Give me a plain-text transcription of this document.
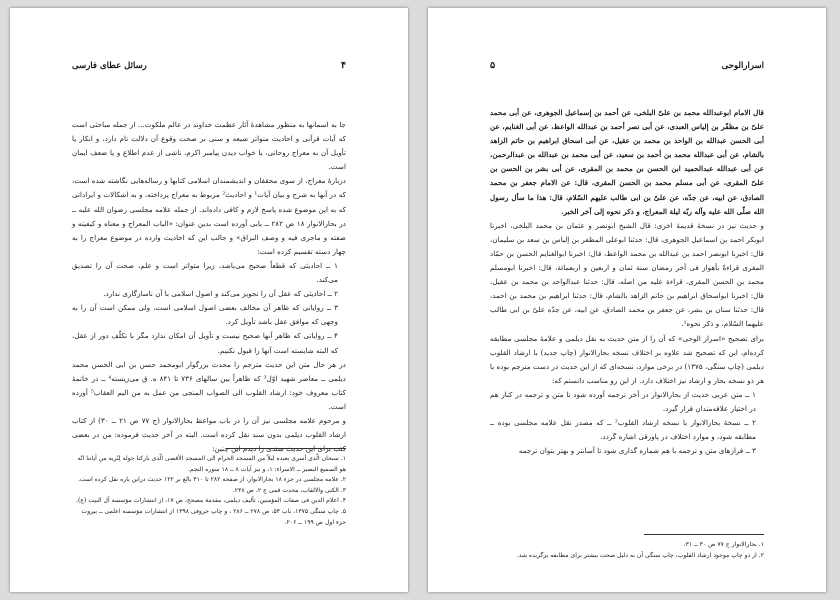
۴
رسائل عطای فارسی

جا به اسمانها به منظور مشاهدهٔ آثار عظمت خداوند در عالم ملکوت... از جمله مباحثی است که آیات قرآنی و احادیث متواتر شیعه و سنی بر صحت وقوع آن دلالت تام دارد، و انکار یا تأویل آن به معراج روحانی، یا خواب دیدن پیامبر اکرم، ناشی از عدم اطلاع و یا ضعف ایمان است.

دربارهٔ معراج، از سوی محققان و اندیشمندان اسلامی کتابها و رساله‌هایی نگاشته شده است، که در آنها به شرح و بیان آیات¹ و احادیث² مربوط به معراج پرداخته، و به اشکالات و ایراداتی که به این موضوع شده پاسخ لازم و کافی داده‌اند. از جمله علامه مجلسی رضوان الله علیه ــ در بحارالانوار ۱۸ ص ۲۸۲ ــ بابی آورده است بدین عنوان: «الباب المعراج و معناه و کیفیته و صفته و ماجری فیه و وصف البراق» و جالب این که احادیث وارده در موضوع معراج را به چهار دسته تقسیم کرده است:

۱ ــ احادیثی که قطعاً صحیح می‌باشد، زیرا متواتر است و علم، صحت آن را تصدیق می‌کند.

۲ ــ احادیثی که عقل آن را تجویز می‌کند و اصول اسلامی با آن ناسازگاری ندارد.

۳ ــ روایاتی که ظاهر آن مخالف بعضی اصول اسلامی است، ولی ممکن است آن را به وجهی که موافق عقل باشد تأویل کرد.

۴ ــ روایاتی که ظاهر آنها صحیح نیست و تأویل آن امکان ندارد مگر با تکلّف دور از عقل، که البته شایسته است آنها را قبول نکنیم.

در هر حال متن این حدیث مترجم را محدث بزرگوار ابومحمد حسن بن ابی الحسن محمد دیلمی ــ معاصر شهید اوّل³ که ظاهراً بین سالهای ۷۳۶ تا ۸۴۱ ه. ق می‌زیسته⁴ ــ در خاتمهٔ کتاب معروف خود: ارشاد القلوب الی الصواب المنجی من عمل به من الیم العقاب⁵ آورده است.

و مرحوم علامه مجلسی نیز آن را در باب مواعظ بحارالانوار (ج ۷۷ ص ۲۱ ــ ۳۰) از کتاب ارشاد القلوب دیلمی بدون سند نقل کرده است. البته در آخر حدیث فرموده: من در بعضی کتب برای این حدیث سندی را دیدم این چنین:

۱. سبحان الّذی أسری بعبده لیلاً من المسجد الحرام الی المسجد الأقصی الّذی بارکنا حوله لِنُریه من آیاتنا انّه هو السمیع البصیر ــ الاسراء: ۱، و نیز آیات ۸ ــ ۱۸ سوره النجم.

۲. علامه مجلسی در جزء ۱۸ بحارالانوار، از صفحه ۲۸۲ تا ۴۱۰ بالغ بر ۱۲۲ حدیث دراین باره نقل کرده است.

۳. الکنی والالقاب، محدث قمی ج ۲، ص ۲۳۸.

۴. اعلام الدین فی صفات المؤمنین، تألیف دیلمی، مقدمهٔ مصحح، ص ۱۷، از انتشارات مؤسسه آل البیت (ع).

۵. چاپ سنگی ۱۳۷۵، باب ۵۴، ص ۲۷۸ ــ ۲۸۶ ، و چاپ حروفی ۱۳۹۸ از انتشارات مؤسسه اعلمی ــ بیروت جزء اول ص ۱۹۹ ــ ۲۰۶.

اسرارالوحی
۵

قال الامام ابوعبدالله محمد بن علیّ البلخی، عن أحمد بن إسماعیل الجوهری، عن أبی محمد علیّ بن مظفّر بن إلیاس العبدی، عن أبی نصر أحمد بن عبدالله الواعظ، عن أبی الغنایم، عن أبی الحسن عبدالله بن الواحد بن محمد بن عقیل، عن أبی اسحاق ابراهیم بن حاتم الزاهد بالشام، عن أبی عبدالله محمد بن أحمد بن سعید، عن أبی محمد بن عبدالله بن عبدالرحمن، عن أبی عبدالله عبدالحمید ابن الحسن بن محمد بن المقری، عن أبی بشر بن الحسن بن علیّ المقری، عن أبی مسلم محمد بن الحسن المقری، قال: عن الامام جعفر بن محمد الصادق، عن ابیه، عن جدّه، عن علیّ بن ابی طالب علیهم السّلام، قال: هذا ما سأل رسول الله صلّی الله علیه وآله ربّه لیلة المعراج، و ذکر نحوه إلی آخر الخبر.

و حدیث نیز در نسخهٔ قدیمهٔ اخری: قال الشیخ ابونصر و عثمان بن محمد البلخی، اخبرنا ابوبکر احمد بن اسماعیل الجوهری، قال: حدثنا ابوعلی المظفر بن إلیاس بن سعد بن سلیمان، قال: اخبرنا ابونصر احمد بن عبدالله بن محمد الواعظ، قال: اخبرنا ابوالغنایم الحسن بن حمّاد المقری قراءةً بأهواز فی آخر رمضان سنة ثمان و اربعین و اربعمائة، قال: اخبرنا ابومسلم محمد بن الحسن المقری، قراءة علیه من اصله، قال: حدثنا عبدالواحد بن محمد بن عقیل، قال: اخبرنا ابواسحاق ابراهیم بن حاتم الزاهد بالشام، قال: حدثنا ابراهیم بن محمد بن احمد، قال: حدثنا سنان بن بشر، عن جعفر بن محمد الصادق، عن ابیه، عن جدّه علیّ بن ابی طالب علیهما السّلام، و ذکر نحوه¹.

برای تصحیح «اسرار الوحی» که آن را از متن حدیث به نقل دیلمی و علامهٔ مجلسی مطابقه کرده‌ام، این که تصحیح شد علاوه بر اختلاف نسخه بحارالانوار (چاپ جدید) با ارشاد القلوب دیلمی (چاپ سنگی، ۱۳۷۵) در برخی موارد، نسخه‌ای که از این حدیث در دست مترجم بوده با هر دو نسخه بحار و ارشاد نیز اختلاف دارد. از این رو مناسب دانستم که:

۱ ــ متن عربی حدیث از بحارالانوار در آخر ترجمه آورده شود تا متن و ترجمه در کنار هم در اختیار علاقه‌مندان قرار گیرد.

۲ ــ نسخهٔ بحارالانوار با نسخه ارشاد القلوب² ــ که مصدر نقل علامه مجلسی بوده ــ مطابقه شود، و موارد اختلاف در پاورقی اشاره گردد.

۳ ــ فرازهای متن و ترجمه با هم شماره گذاری شود تا آسانتر و بهتر بتوان ترجمه

۱. بحارالانوار ج ۷۷ ص ۳۰ ــ ۳۱.

۲. از دو چاپ موجود ارشاد القلوب، چاپ سنگی آن به دلیل صحت بیشتر برای مطابقه برگزیده شد.
